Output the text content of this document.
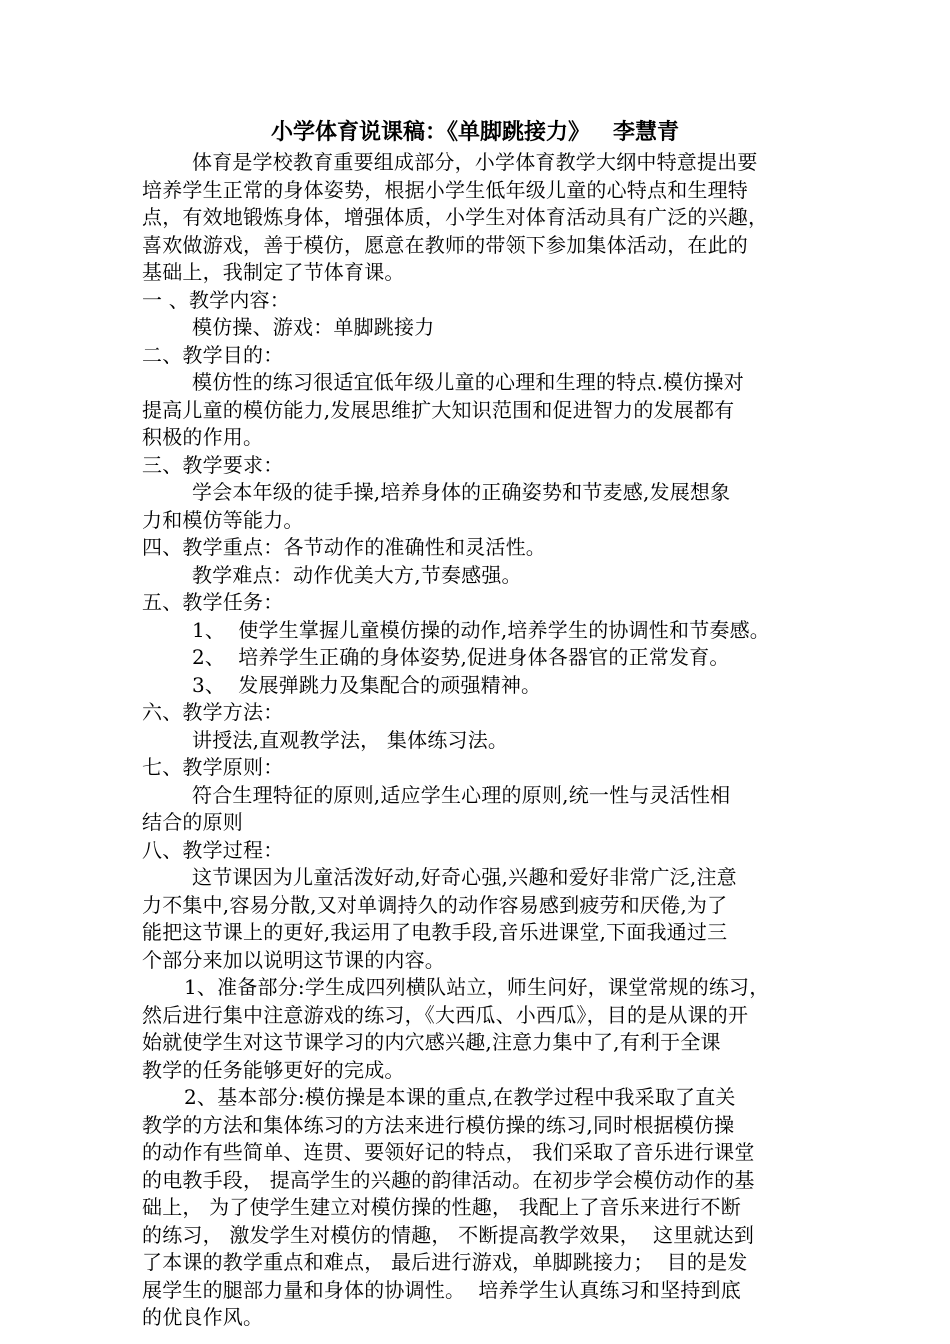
小学体育说课稿：《单脚跳接力》   李慧青
体育是学校教育重要组成部分，小学体育教学大纲中特意提出要
培养学生正常的身体姿势，根据小学生低年级儿童的心特点和生理特
点，有效地锻炼身体，增强体质，小学生对体育活动具有广泛的兴趣，
喜欢做游戏，善于模仿，愿意在教师的带领下参加集体活动，在此的
基础上，我制定了节体育课。
一 、教学内容：
模仿操、游戏：单脚跳接力
二、教学目的：
模仿性的练习很适宜低年级儿童的心理和生理的特点.模仿操对
提高儿童的模仿能力,发展思维扩大知识范围和促进智力的发展都有
积极的作用。
三、教学要求：
学会本年级的徒手操,培养身体的正确姿势和节麦感,发展想象
力和模仿等能力。
四、教学重点：各节动作的准确性和灵活性。
教学难点：动作优美大方,节奏感强。
五、教学任务：
1、  使学生掌握儿童模仿操的动作,培养学生的协调性和节奏感。
2、  培养学生正确的身体姿势,促进身体各器官的正常发育。
3、  发展弹跳力及集配合的顽强精神。
六、教学方法：
讲授法,直观教学法， 集体练习法。
七、教学原则：
符合生理特征的原则,适应学生心理的原则,统一性与灵活性相
结合的原则
八、教学过程：
这节课因为儿童活泼好动,好奇心强,兴趣和爱好非常广泛,注意
力不集中,容易分散,又对单调持久的动作容易感到疲劳和厌倦,为了
能把这节课上的更好,我运用了电教手段,音乐进课堂,下面我通过三
个部分来加以说明这节课的内容。
1、准备部分:学生成四列横队站立，师生问好，课堂常规的练习，
然后进行集中注意游戏的练习，《大西瓜、小西瓜》，目的是从课的开
始就使学生对这节课学习的内穴感兴趣,注意力集中了,有利于全课
教学的任务能够更好的完成。
2、基本部分:模仿操是本课的重点,在教学过程中我采取了直关
教学的方法和集体练习的方法来进行模仿操的练习,同时根据模仿操
的动作有些简单、连贯、要领好记的特点， 我们采取了音乐进行课堂
的电教手段， 提高学生的兴趣的韵律活动。在初步学会模仿动作的基
础上， 为了使学生建立对模仿操的性趣， 我配上了音乐来进行不断
的练习， 激发学生对模仿的情趣， 不断提高教学效果，  这里就达到
了本课的教学重点和难点， 最后进行游戏，单脚跳接力；  目的是发
展学生的腿部力量和身体的协调性。  培养学生认真练习和坚持到底
的优良作风。
